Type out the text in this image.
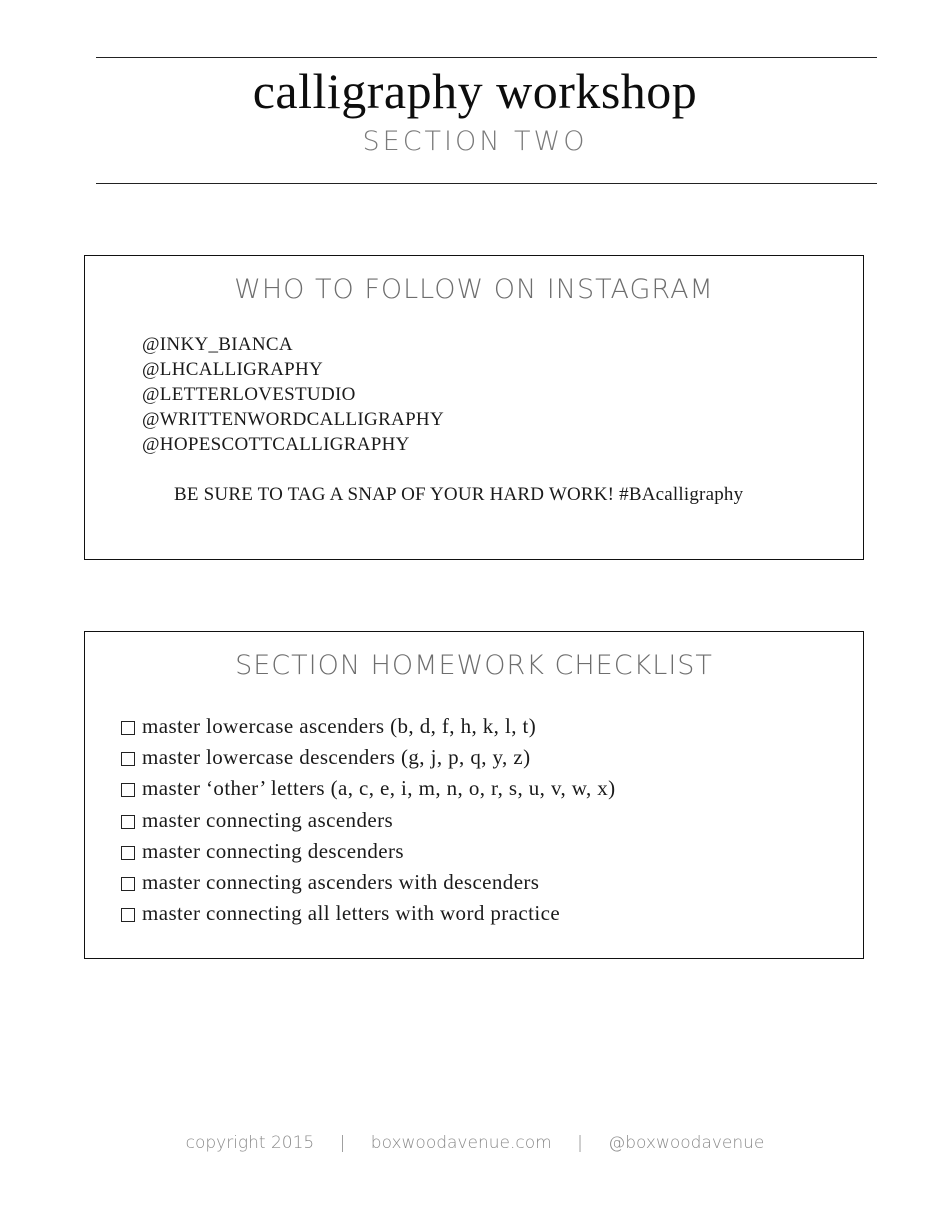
calligraphy workshop
SECTION TWO
WHO TO FOLLOW ON INSTAGRAM
@INKY_BIANCA
@LHCALLIGRAPHY
@LETTERLOVESTUDIO
@WRITTENWORDCALLIGRAPHY
@HOPESCOTTCALLIGRAPHY
BE SURE TO TAG A SNAP OF YOUR HARD WORK! #BAcalligraphy
SECTION HOMEWORK CHECKLIST
master lowercase ascenders (b, d, f, h, k, l, t)
master lowercase descenders (g, j, p, q, y, z)
master ‘other’ letters (a, c, e, i, m, n, o, r, s, u, v, w, x)
master connecting ascenders
master connecting descenders
master connecting ascenders with descenders
master connecting all letters with word practice
copyright 2015 | boxwoodavenue.com | @boxwoodavenue
